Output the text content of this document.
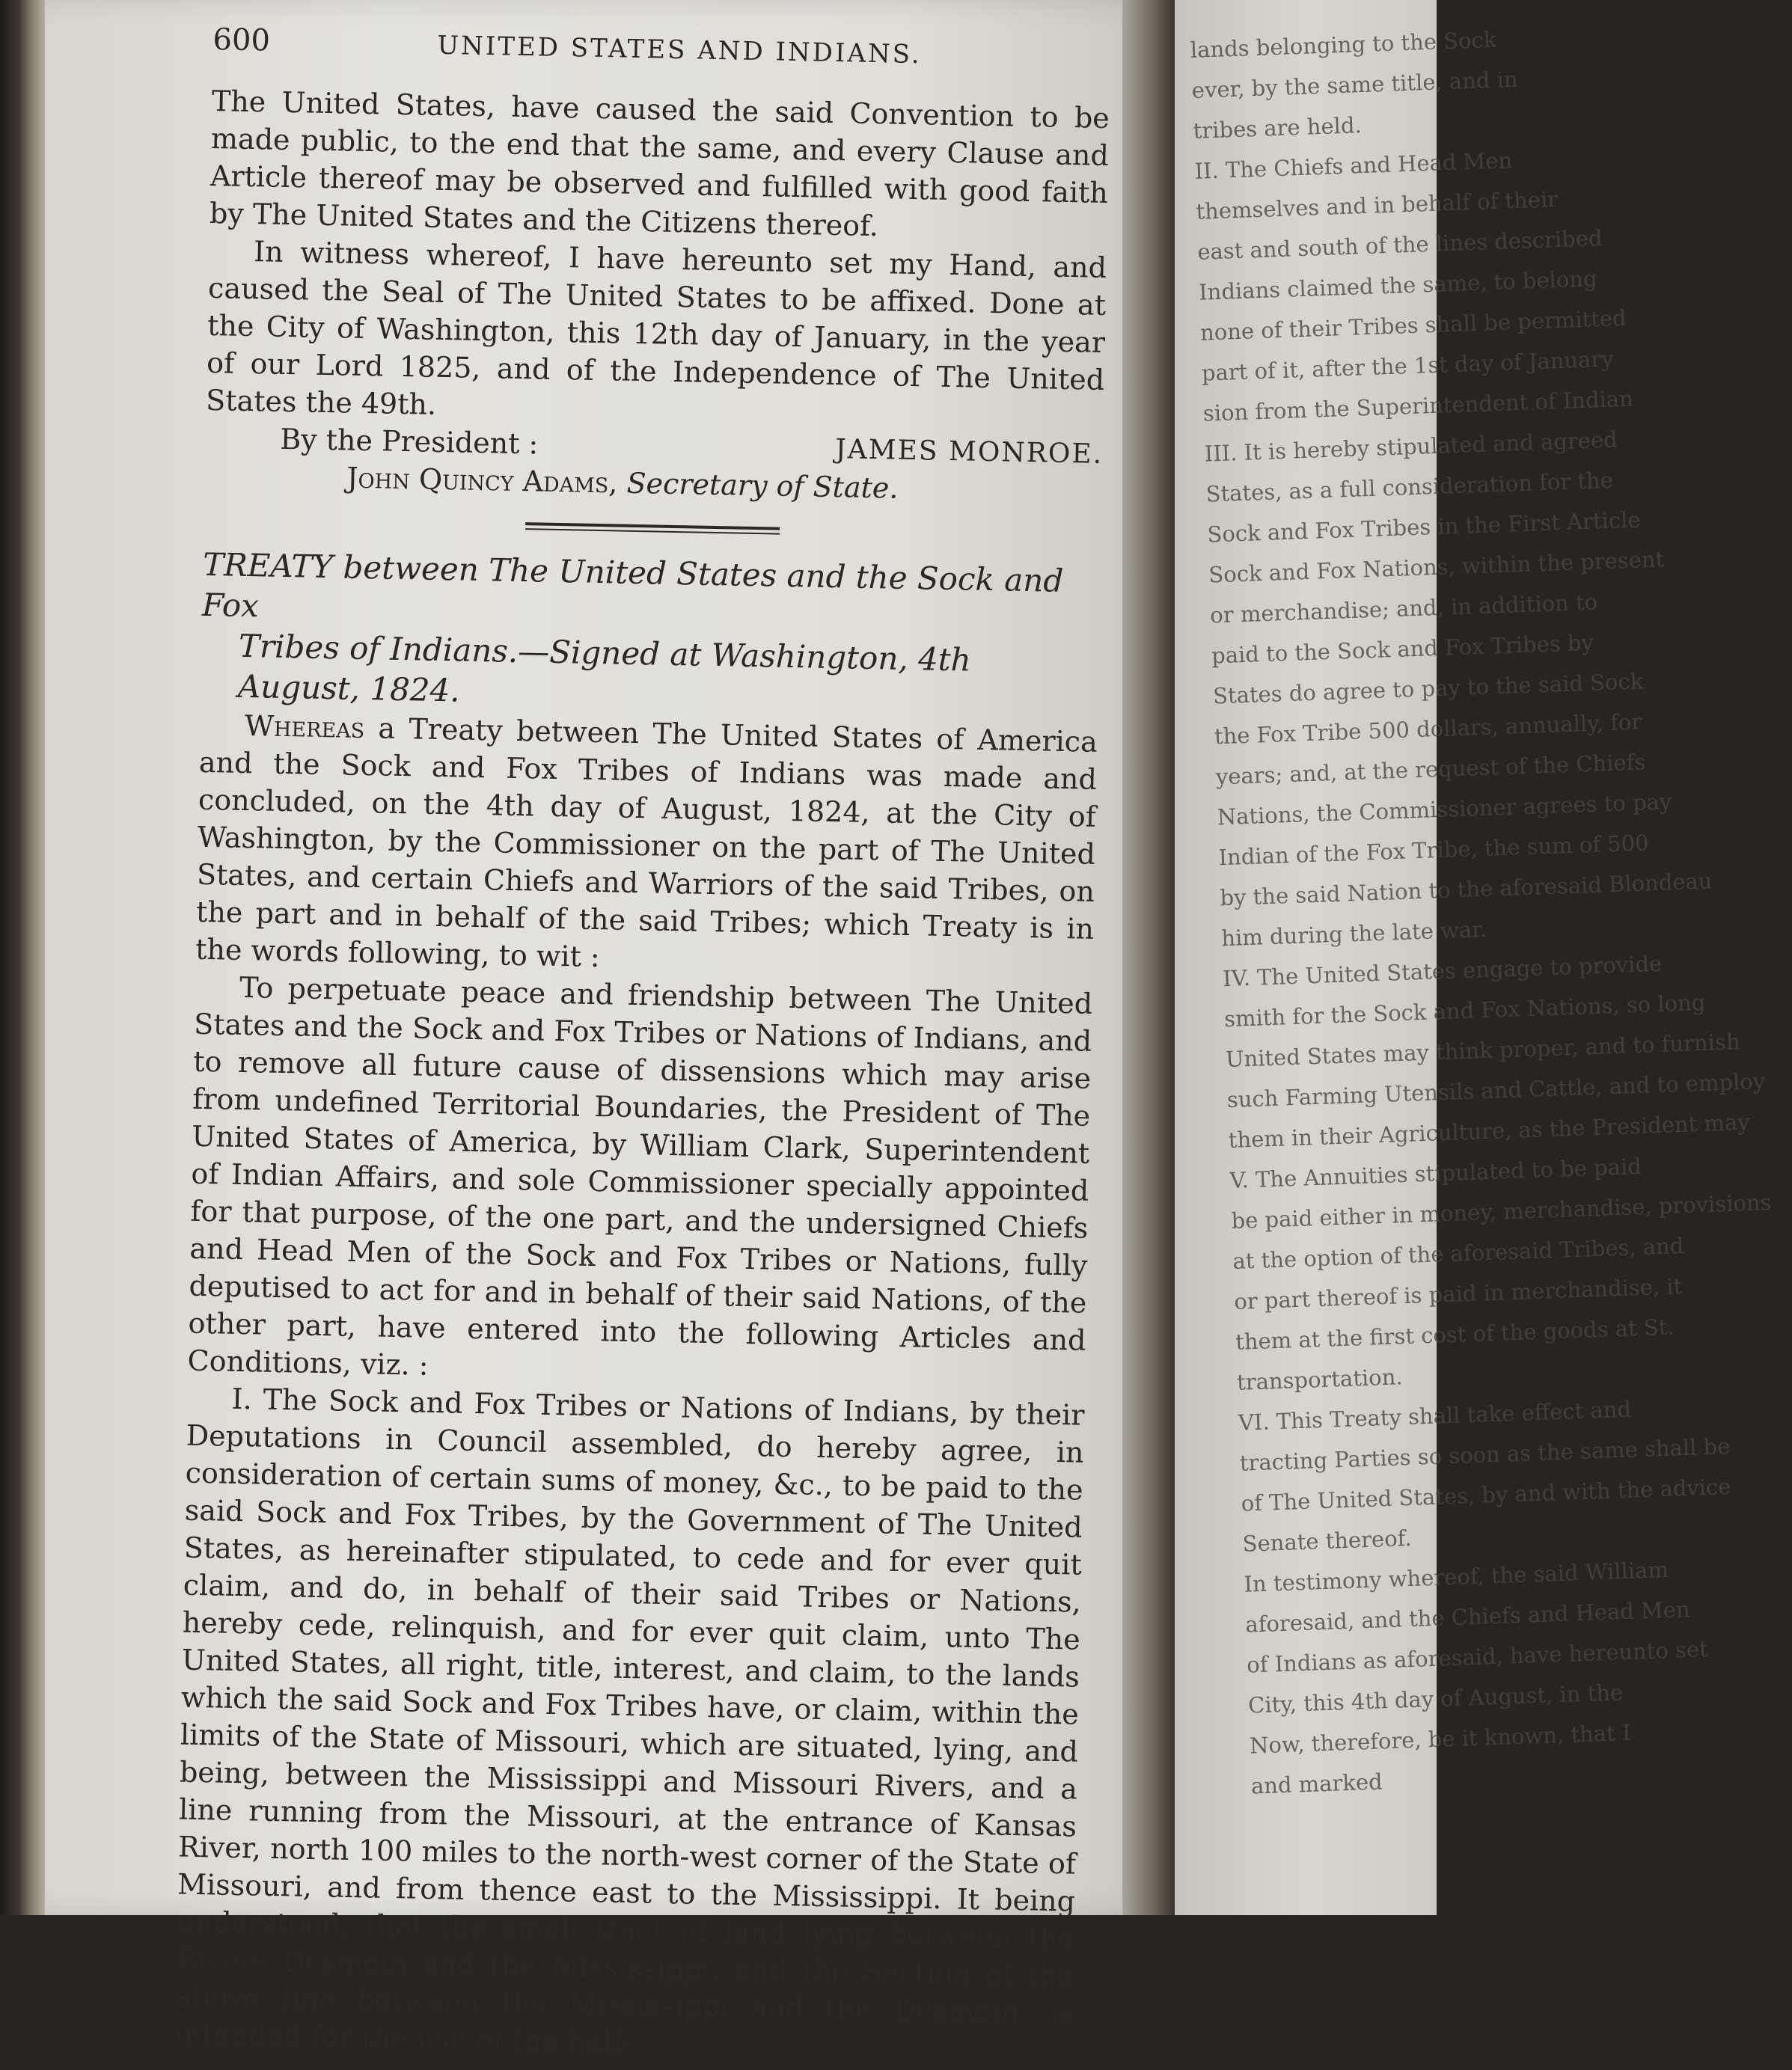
600	UNITED STATES AND INDIANS.

The United States, have caused the said Convention to be made public, to the end that the same, and every Clause and Article thereof may be observed and fulfilled with good faith by The United States and the Citizens thereof.

In witness whereof, I have hereunto set my Hand, and caused the Seal of The United States to be affixed. Done at the City of Washington, this 12th day of January, in the year of our Lord 1825, and of the Independence of The United States the 49th.

By the President :	JAMES MONROE.
John Quincy Adams, Secretary of State.

TREATY between The United States and the Sock and Fox
Tribes of Indians.—Signed at Washington, 4th August, 1824.

Whereas a Treaty between The United States of America and the Sock and Fox Tribes of Indians was made and concluded, on the 4th day of August, 1824, at the City of Washington, by the Commissioner on the part of The United States, and certain Chiefs and Warriors of the said Tribes, on the part and in behalf of the said Tribes; which Treaty is in the words following, to wit :

To perpetuate peace and friendship between The United States and the Sock and Fox Tribes or Nations of Indians, and to remove all future cause of dissensions which may arise from undefined Territorial Boundaries, the President of The United States of America, by William Clark, Superintendent of Indian Affairs, and sole Commissioner specially appointed for that purpose, of the one part, and the undersigned Chiefs and Head Men of the Sock and Fox Tribes or Nations, fully deputised to act for and in behalf of their said Nations, of the other part, have entered into the following Articles and Conditions, viz. :

I. The Sock and Fox Tribes or Nations of Indians, by their Deputations in Council assembled, do hereby agree, in consideration of certain sums of money, &c., to be paid to the said Sock and Fox Tribes, by the Government of The United States, as hereinafter stipulated, to cede and for ever quit claim, and do, in behalf of their said Tribes or Nations, hereby cede, relinquish, and for ever quit claim, unto The United States, all right, title, interest, and claim, to the lands which the said Sock and Fox Tribes have, or claim, within the limits of the State of Missouri, which are situated, lying, and being, between the Mississippi and Missouri Rivers, and a line running from the Missouri, at the entrance of Kansas River, north 100 miles to the north-west corner of the State of Missouri, and from thence east to the Mississippi. It being understood, that the small tract of land lying between the Rivers Desmoin and the Mississippi, and the Section of the above line between the Mississippi and the Desmoin, is intended for the use of the half-

lands belonging to the Sock

ever, by the same title, and in

tribes are held.

II. The Chiefs and Head Men

themselves and in behalf of their

east and south of the lines described

Indians claimed the same, to belong

none of their Tribes shall be permitted

part of it, after the 1st day of January

sion from the Superintendent of Indian

III. It is hereby stipulated and agreed

States, as a full consideration for the

Sock and Fox Tribes in the First Article

Sock and Fox Nations, within the present

or merchandise; and, in addition to

paid to the Sock and Fox Tribes by

States do agree to pay to the said Sock

the Fox Tribe 500 dollars, annually, for

years; and, at the request of the Chiefs

Nations, the Commissioner agrees to pay

Indian of the Fox Tribe, the sum of 500

by the said Nation to the aforesaid Blondeau

him during the late war.

IV. The United States engage to provide

smith for the Sock and Fox Nations, so long

United States may think proper, and to furnish

such Farming Utensils and Cattle, and to employ

them in their Agriculture, as the President may

V. The Annuities stipulated to be paid

be paid either in money, merchandise, provisions

at the option of the aforesaid Tribes, and

or part thereof is paid in merchandise, it

them at the first cost of the goods at St.

transportation.

VI. This Treaty shall take effect and

tracting Parties so soon as the same shall be

of The United States, by and with the advice

Senate thereof.

In testimony whereof, the said William

aforesaid, and the Chiefs and Head Men

of Indians as aforesaid, have hereunto set

City, this 4th day of August, in the

Now, therefore, be it known, that I

and marked
